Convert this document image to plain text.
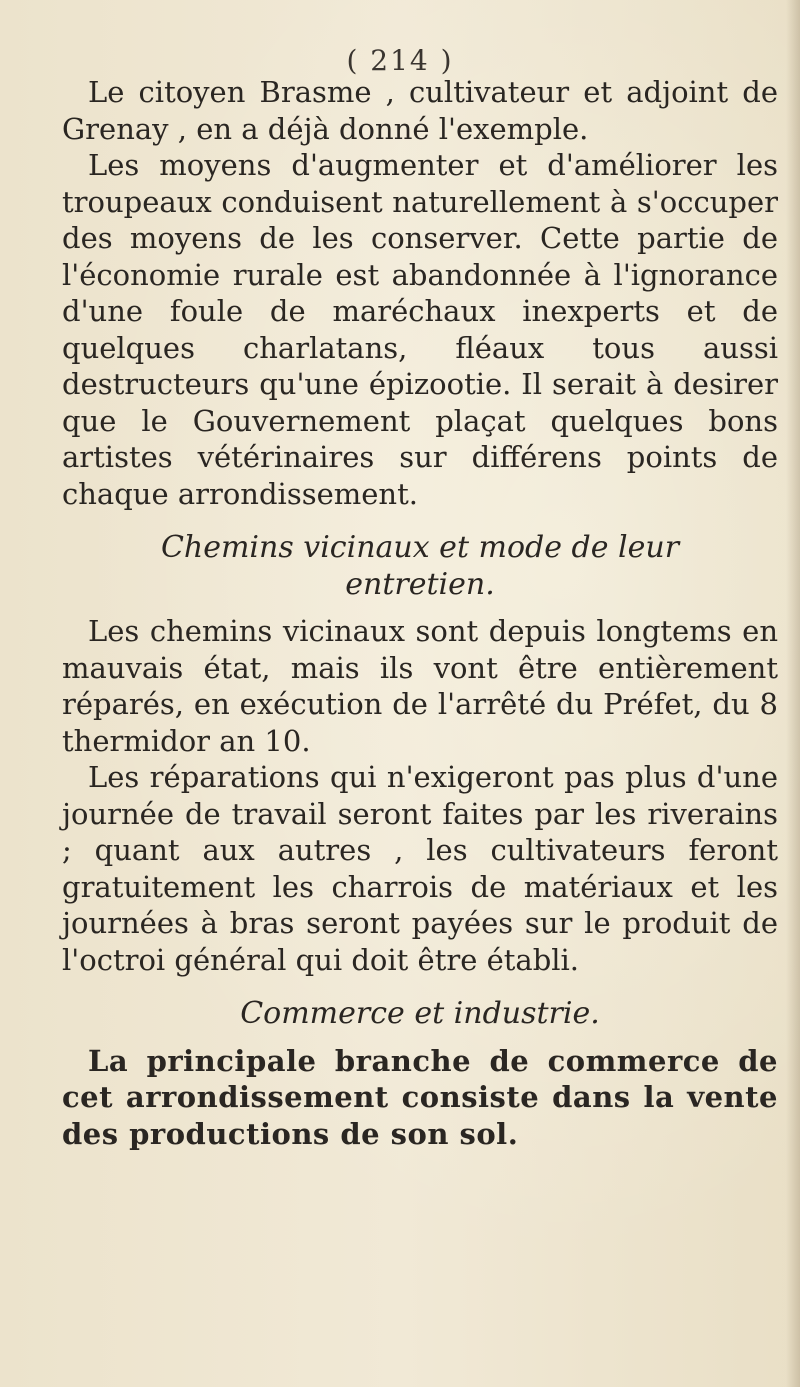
( 214 )

Le citoyen Brasme , cultivateur et adjoint de Grenay , en a déjà donné l'exemple.

Les moyens d'augmenter et d'améliorer les troupeaux conduisent naturellement à s'occuper des moyens de les conserver. Cette partie de l'économie rurale est abandonnée à l'ignorance d'une foule de maréchaux inexperts et de quelques charlatans, fléaux tous aussi destructeurs qu'une épizootie. Il serait à desirer que le Gouvernement plaçat quelques bons artistes vétérinaires sur différens points de chaque arrondissement.

Chemins vicinaux et mode de leur

entretien.

Les chemins vicinaux sont depuis longtems en mauvais état, mais ils vont être entièrement réparés, en exécution de l'arrêté du Préfet, du 8 thermidor an 10.

Les réparations qui n'exigeront pas plus d'une journée de travail seront faites par les riverains ; quant aux autres , les cultivateurs feront gratuitement les charrois de matériaux et les journées à bras seront payées sur le produit de l'octroi général qui doit être établi.

Commerce et industrie.

La principale branche de commerce de cet arrondissement consiste dans la vente des productions de son sol.
